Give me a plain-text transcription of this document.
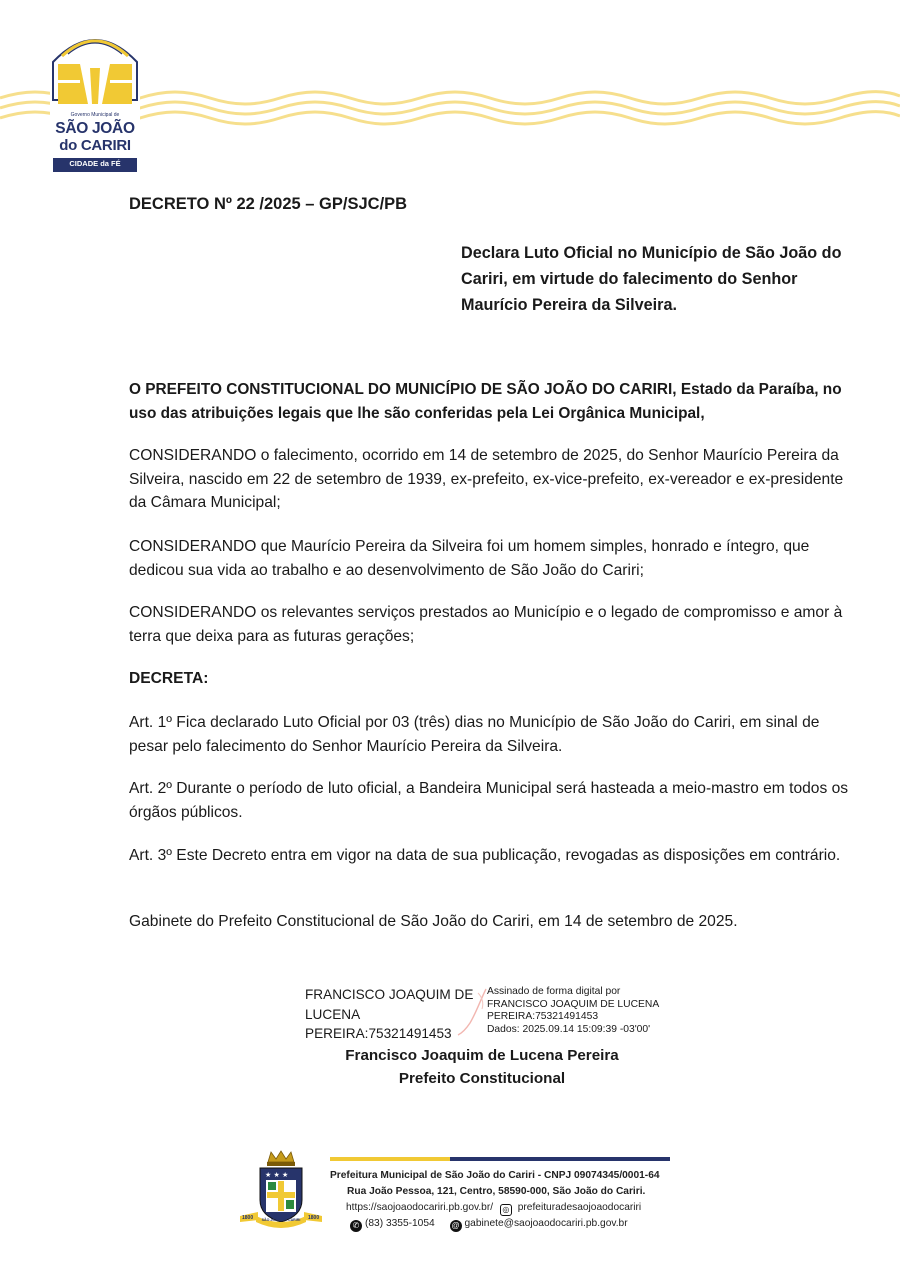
Governo Municipal de
SÃO JOÃO
do CARIRI
CIDADE da FÉ
DECRETO Nº 22 /2025 – GP/SJC/PB
Declara Luto Oficial no Município de São João do Cariri, em virtude do falecimento do Senhor Maurício Pereira da Silveira.
O PREFEITO CONSTITUCIONAL DO MUNICÍPIO DE SÃO JOÃO DO CARIRI, Estado da Paraíba, no uso das atribuições legais que lhe são conferidas pela Lei Orgânica Municipal,
CONSIDERANDO o falecimento, ocorrido em 14 de setembro de 2025, do Senhor Maurício Pereira da Silveira, nascido em 22 de setembro de 1939, ex-prefeito, ex-vice-prefeito, ex-vereador e ex-presidente da Câmara Municipal;
CONSIDERANDO que Maurício Pereira da Silveira foi um homem simples, honrado e íntegro, que dedicou sua vida ao trabalho e ao desenvolvimento de São João do Cariri;
CONSIDERANDO os relevantes serviços prestados ao Município e o legado de compromisso e amor à terra que deixa para as futuras gerações;
DECRETA:
Art. 1º Fica declarado Luto Oficial por 03 (três) dias no Município de São João do Cariri, em sinal de pesar pelo falecimento do Senhor Maurício Pereira da Silveira.
Art. 2º Durante o período de luto oficial, a Bandeira Municipal será hasteada a meio-mastro em todos os órgãos públicos.
Art. 3º Este Decreto entra em vigor na data de sua publicação, revogadas as disposições em contrário.
Gabinete do Prefeito Constitucional de São João do Cariri, em 14 de setembro de 2025.
FRANCISCO JOAQUIM DE
LUCENA
PEREIRA:75321491453
Assinado de forma digital por
FRANCISCO JOAQUIM DE LUCENA
PEREIRA:75321491453
Dados: 2025.09.14 15:09:39 -03'00'
Francisco Joaquim de Lucena Pereira
Prefeito Constitucional
★ ★ ★
1800	SÃO JOÃO DO CARIRI	1800
Prefeitura Municipal de São João do Cariri - CNPJ 09074345/0001-64
Rua João Pessoa, 121, Centro, 58590-000, São João do Cariri.
https://saojoaodocariri.pb.gov.br/ ◎ prefeituradesaojoaodocariri
✆ (83) 3355-1054 @ gabinete@saojoaodocariri.pb.gov.br
